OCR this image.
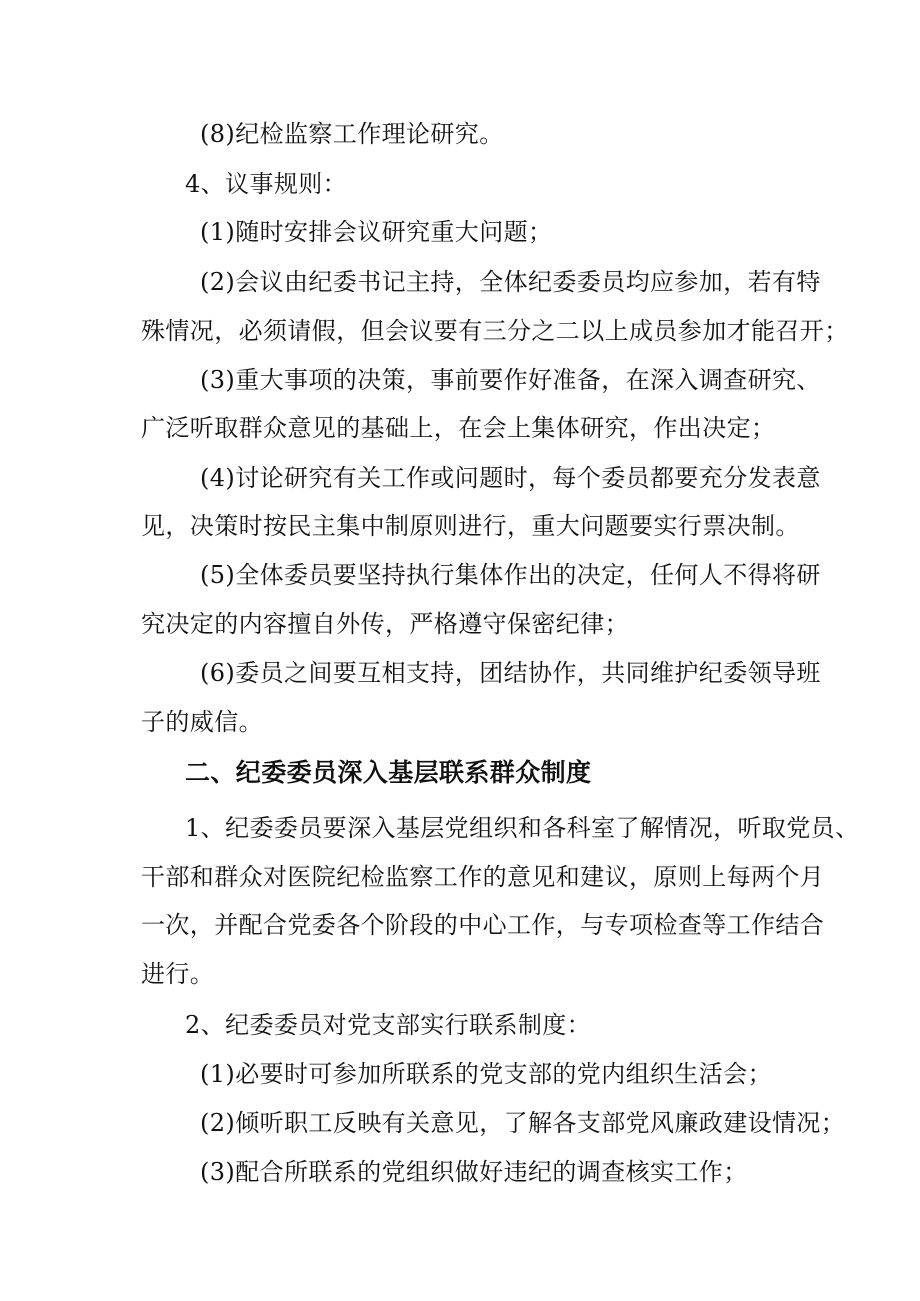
(8)纪检监察工作理论研究。
4、议事规则：
(1)随时安排会议研究重大问题；
(2)会议由纪委书记主持，全体纪委委员均应参加，若有特
殊情况，必须请假，但会议要有三分之二以上成员参加才能召开；
(3)重大事项的决策，事前要作好准备，在深入调查研究、
广泛听取群众意见的基础上，在会上集体研究，作出决定；
(4)讨论研究有关工作或问题时，每个委员都要充分发表意
见，决策时按民主集中制原则进行，重大问题要实行票决制。
(5)全体委员要坚持执行集体作出的决定，任何人不得将研
究决定的内容擅自外传，严格遵守保密纪律；
(6)委员之间要互相支持，团结协作，共同维护纪委领导班
子的威信。
二、纪委委员深入基层联系群众制度
1、纪委委员要深入基层党组织和各科室了解情况，听取党员、
干部和群众对医院纪检监察工作的意见和建议，原则上每两个月
一次，并配合党委各个阶段的中心工作，与专项检查等工作结合
进行。
2、纪委委员对党支部实行联系制度：
(1)必要时可参加所联系的党支部的党内组织生活会；
(2)倾听职工反映有关意见，了解各支部党风廉政建设情况；
(3)配合所联系的党组织做好违纪的调查核实工作；
